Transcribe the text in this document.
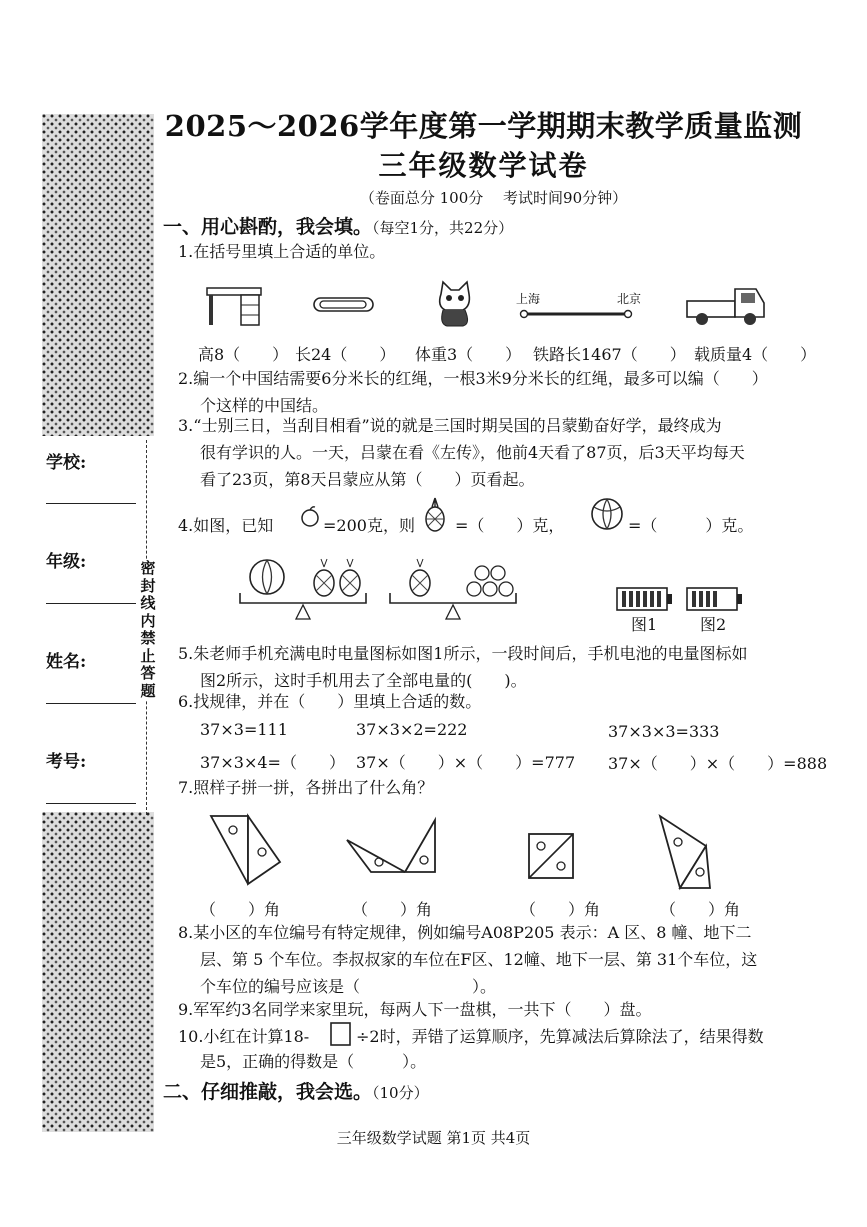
学校:
年级:
姓名:
考号:
密封线内禁止答题
2025～2026学年度第一学期期末教学质量监测
三年级数学试卷
（卷面总分 100分　 考试时间90分钟）
一、用心斟酌，我会填。（每空1分，共22分）
1.在括号里填上合适的单位。
上海	北京
高8（　　） 长24（　　） 体重3（　　） 铁路长1467（　　） 载质量4（　　）
2.编一个中国结需要6分米长的红绳，一根3米9分米长的红绳，最多可以编（　　）
个这样的中国结。
3.“士别三日，当刮目相看”说的就是三国时期吴国的吕蒙勤奋好学，最终成为
很有学识的人。一天，吕蒙在看《左传》，他前4天看了87页，后3天平均每天
看了23页，第8天吕蒙应从第（　　）页看起。
4.如图，已知	=200克，则	=（　　）克，	=（　　　）克。
图1	图2
5.朱老师手机充满电时电量图标如图1所示，一段时间后，手机电池的电量图标如
图2所示，这时手机用去了全部电量的(　　)。
6.找规律，并在（　　）里填上合适的数。
37×3=111	37×3×2=222	37×3×3=333
37×3×4=（　　） 37×（　　）×（　　）=777 37×（　　）×（　　）=888
7.照样子拼一拼，各拼出了什么角？
（　　）角	（　　）角	（　　）角	（　　）角
8.某小区的车位编号有特定规律，例如编号A08P205 表示：A 区、8 幢、地下二
层、第 5 个车位。李叔叔家的车位在F区、12幢、地下一层、第 31个车位，这
个车位的编号应该是（　　　　　　　）。
9.军军约3名同学来家里玩，每两人下一盘棋，一共下（　　）盘。
10.小红在计算18-	÷2时，弄错了运算顺序，先算减法后算除法了，结果得数
是5，正确的得数是（　　　）。
二、仔细推敲，我会选。（10分）
三年级数学试题 第1页 共4页
